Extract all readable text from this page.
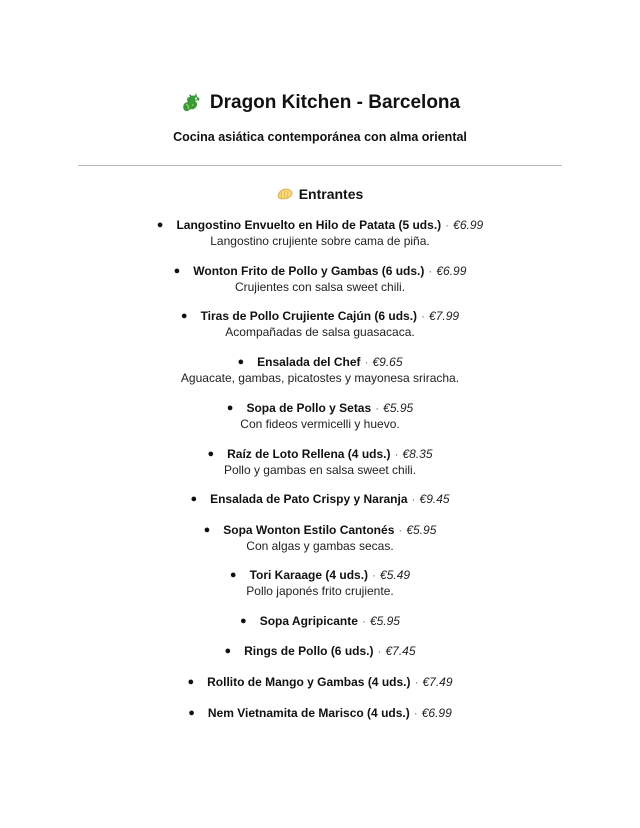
Dragon Kitchen - Barcelona
Cocina asiática contemporánea con alma oriental
Entrantes
● Langostino Envuelto en Hilo de Patata (5 uds.) · €6.99
Langostino crujiente sobre cama de piña.
● Wonton Frito de Pollo y Gambas (6 uds.) · €6.99
Crujientes con salsa sweet chili.
● Tiras de Pollo Crujiente Cajún (6 uds.) · €7.99
Acompañadas de salsa guasacaca.
● Ensalada del Chef · €9.65
Aguacate, gambas, picatostes y mayonesa sriracha.
● Sopa de Pollo y Setas · €5.95
Con fideos vermicelli y huevo.
● Raíz de Loto Rellena (4 uds.) · €8.35
Pollo y gambas en salsa sweet chili.
● Ensalada de Pato Crispy y Naranja · €9.45
● Sopa Wonton Estilo Cantonés · €5.95
Con algas y gambas secas.
● Tori Karaage (4 uds.) · €5.49
Pollo japonés frito crujiente.
● Sopa Agripicante · €5.95
● Rings de Pollo (6 uds.) · €7.45
● Rollito de Mango y Gambas (4 uds.) · €7.49
● Nem Vietnamita de Marisco (4 uds.) · €6.99
